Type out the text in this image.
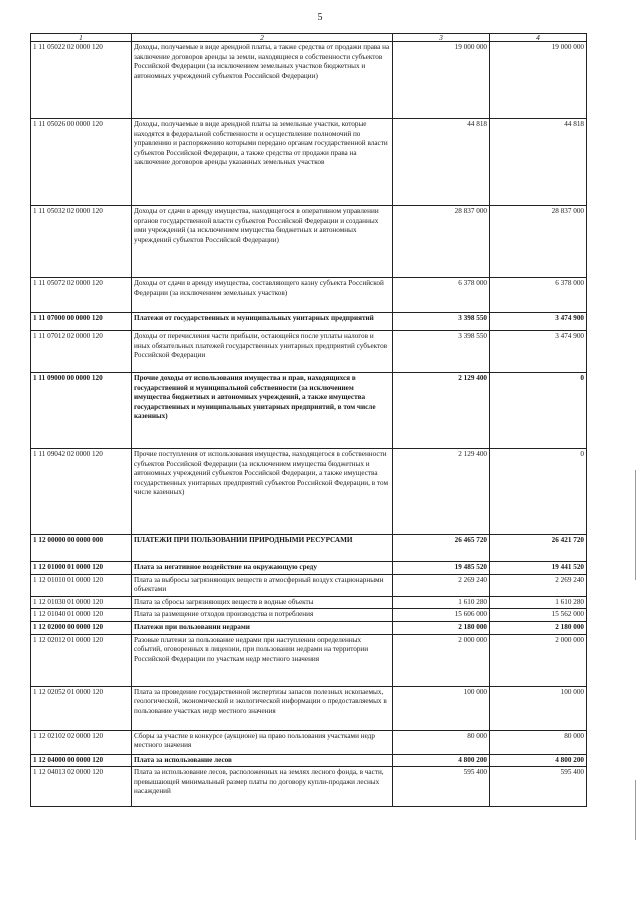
5
1	2	3	4
1 11 05022 02 0000 120	Доходы, получаемые в виде арендной платы, а также средства от продажи права на заключение договоров аренды за земли, находящиеся в собственности субъектов Российской Федерации (за исключением земельных участков бюджетных и автономных учреждений субъектов Российской Федерации)	19 000 000	19 000 000
1 11 05026 00 0000 120	Доходы, получаемые в виде арендной платы за земельные участки, которые находятся в федеральной собственности и осуществление полномочий по управлению и распоряжению которыми передано органам государственной власти субъектов Российской Федерации, а также средства от продажи права на заключение договоров аренды указанных земельных участков	44 818	44 818
1 11 05032 02 0000 120	Доходы от сдачи в аренду имущества, находящегося в оперативном управлении органов государственной власти субъектов Российской Федерации и созданных ими учреждений (за исключением имущества бюджетных и автономных учреждений субъектов Российской Федерации)	28 837 000	28 837 000
1 11 05072 02 0000 120	Доходы от сдачи в аренду имущества, составляющего казну субъекта Российской Федерации (за исключением земельных участков)	6 378 000	6 378 000
1 11 07000 00 0000 120	Платежи от государственных и муниципальных унитарных предприятий	3 398 550	3 474 900
1 11 07012 02 0000 120	Доходы от перечисления части прибыли, остающейся после уплаты налогов и иных обязательных платежей государственных унитарных предприятий субъектов Российской Федерации	3 398 550	3 474 900
1 11 09000 00 0000 120	Прочие доходы от использования имущества и прав, находящихся в государственной и муниципальной собственности (за исключением имущества бюджетных и автономных учреждений, а также имущества государственных и муниципальных унитарных предприятий, в том числе казенных)	2 129 400	0
1 11 09042 02 0000 120	Прочие поступления от использования имущества, находящегося в собственности субъектов Российской Федерации (за исключением имущества бюджетных и автономных учреждений субъектов Российской Федерации, а также имущества государственных унитарных предприятий субъектов Российской Федерации, в том числе казенных)	2 129 400	0
1 12 00000 00 0000 000	ПЛАТЕЖИ ПРИ ПОЛЬЗОВАНИИ ПРИРОДНЫМИ РЕСУРСАМИ	26 465 720	26 421 720
1 12 01000 01 0000 120	Плата за негативное воздействие на окружающую среду	19 485 520	19 441 520
1 12 01010 01 0000 120	Плата за выбросы загрязняющих веществ в атмосферный воздух стационарными объектами	2 269 240	2 269 240
1 12 01030 01 0000 120	Плата за сбросы загрязняющих веществ в водные объекты	1 610 280	1 610 280
1 12 01040 01 0000 120	Плата за размещение отходов производства и потребления	15 606 000	15 562 000
1 12 02000 00 0000 120	Платежи при пользовании недрами	2 180 000	2 180 000
1 12 02012 01 0000 120	Разовые платежи за пользование недрами при наступлении определенных событий, оговоренных в лицензии, при пользовании недрами на территории Российской Федерации по участкам недр местного значения	2 000 000	2 000 000
1 12 02052 01 0000 120	Плата за проведение государственной экспертизы запасов полезных ископаемых, геологической, экономической и экологической информации о предоставляемых в пользование участках недр местного значения	100 000	100 000
1 12 02102 02 0000 120	Сборы за участие в конкурсе (аукционе) на право пользования участками недр местного значения	80 000	80 000
1 12 04000 00 0000 120	Плата за использование лесов	4 800 200	4 800 200
1 12 04013 02 0000 120	Плата за использование лесов, расположенных на землях лесного фонда, в части, превышающей минимальный размер платы по договору купли-продажи лесных насаждений	595 400	595 400
